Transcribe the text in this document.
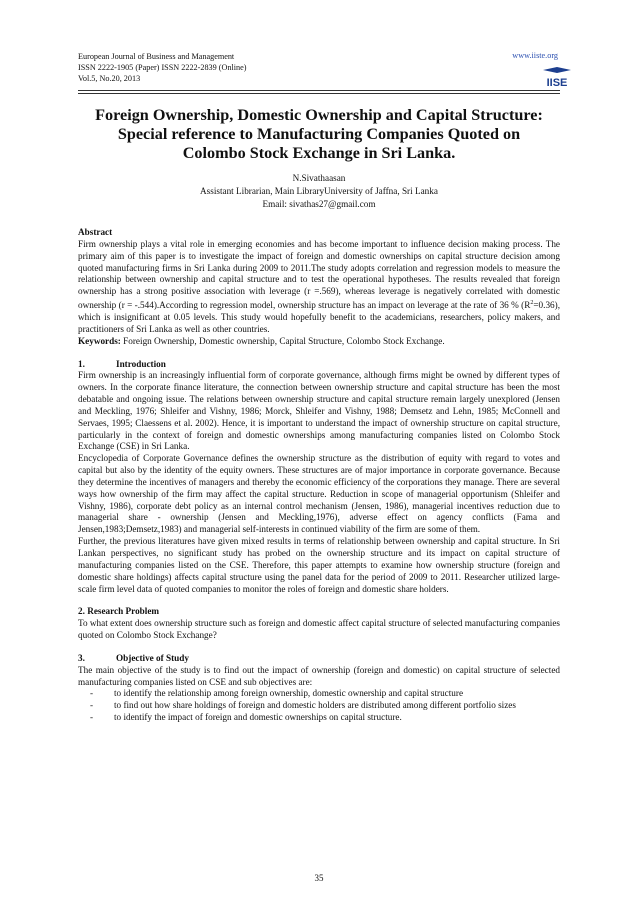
European Journal of Business and Management
ISSN 2222-1905 (Paper) ISSN 2222-2839 (Online)
Vol.5, No.20, 2013
www.iiste.org
IISE
Foreign Ownership, Domestic Ownership and Capital Structure:
Special reference to Manufacturing Companies Quoted on
Colombo Stock Exchange in Sri Lanka.
N.Sivathaasan
Assistant Librarian, Main LibraryUniversity of Jaffna, Sri Lanka
Email: sivathas27@gmail.com
Abstract

Firm ownership plays a vital role in emerging economies and has become important to influence decision making process. The primary aim of this paper is to investigate the impact of foreign and domestic ownerships on capital structure decision among quoted manufacturing firms in Sri Lanka during 2009 to 2011.The study adopts correlation and regression models to measure the relationship between ownership and capital structure and to test the operational hypotheses. The results revealed that foreign ownership has a strong positive association with leverage (r =.569), whereas leverage is negatively correlated with domestic ownership (r = -.544).According to regression model, ownership structure has an impact on leverage at the rate of 36 % $(R^2=0.36)$, which is insignificant at 0.05 levels. This study would hopefully benefit to the academicians, researchers, policy makers, and practitioners of Sri Lanka as well as other countries.

Keywords: Foreign Ownership, Domestic ownership, Capital Structure, Colombo Stock Exchange.

1.	Introduction

Firm ownership is an increasingly influential form of corporate governance, although firms might be owned by different types of owners. In the corporate finance literature, the connection between ownership structure and capital structure has been the most debatable and ongoing issue. The relations between ownership structure and capital structure remain largely unexplored (Jensen and Meckling, 1976; Shleifer and Vishny, 1986; Morck, Shleifer and Vishny, 1988; Demsetz and Lehn, 1985; McConnell and Servaes, 1995; Claessens et al. 2002). Hence, it is important to understand the impact of ownership structure on capital structure, particularly in the context of foreign and domestic ownerships among manufacturing companies listed on Colombo Stock Exchange (CSE) in Sri Lanka.

Encyclopedia of Corporate Governance defines the ownership structure as the distribution of equity with regard to votes and capital but also by the identity of the equity owners. These structures are of major importance in corporate governance. Because they determine the incentives of managers and thereby the economic efficiency of the corporations they manage. There are several ways how ownership of the firm may affect the capital structure. Reduction in scope of managerial opportunism (Shleifer and Vishny, 1986), corporate debt policy as an internal control mechanism (Jensen, 1986), managerial incentives reduction due to managerial share - ownership (Jensen and Meckling,1976), adverse effect on agency conflicts (Fama and Jensen,1983;Demsetz,1983) and managerial self-interests in continued viability of the firm are some of them.

Further, the previous literatures have given mixed results in terms of relationship between ownership and capital structure. In Sri Lankan perspectives, no significant study has probed on the ownership structure and its impact on capital structure of manufacturing companies listed on the CSE. Therefore, this paper attempts to examine how ownership structure (foreign and domestic share holdings) affects capital structure using the panel data for the period of 2009 to 2011. Researcher utilized large-scale firm level data of quoted companies to monitor the roles of foreign and domestic share holders.

2. Research Problem

To what extent does ownership structure such as foreign and domestic affect capital structure of selected manufacturing companies quoted on Colombo Stock Exchange?

3.	Objective of Study

The main objective of the study is to find out the impact of ownership (foreign and domestic) on capital structure of selected manufacturing companies listed on CSE and sub objectives are:

- to identify the relationship among foreign ownership, domestic ownership and capital structure
- to find out how share holdings of foreign and domestic holders are distributed among different portfolio sizes
- to identify the impact of foreign and domestic ownerships on capital structure.
35
